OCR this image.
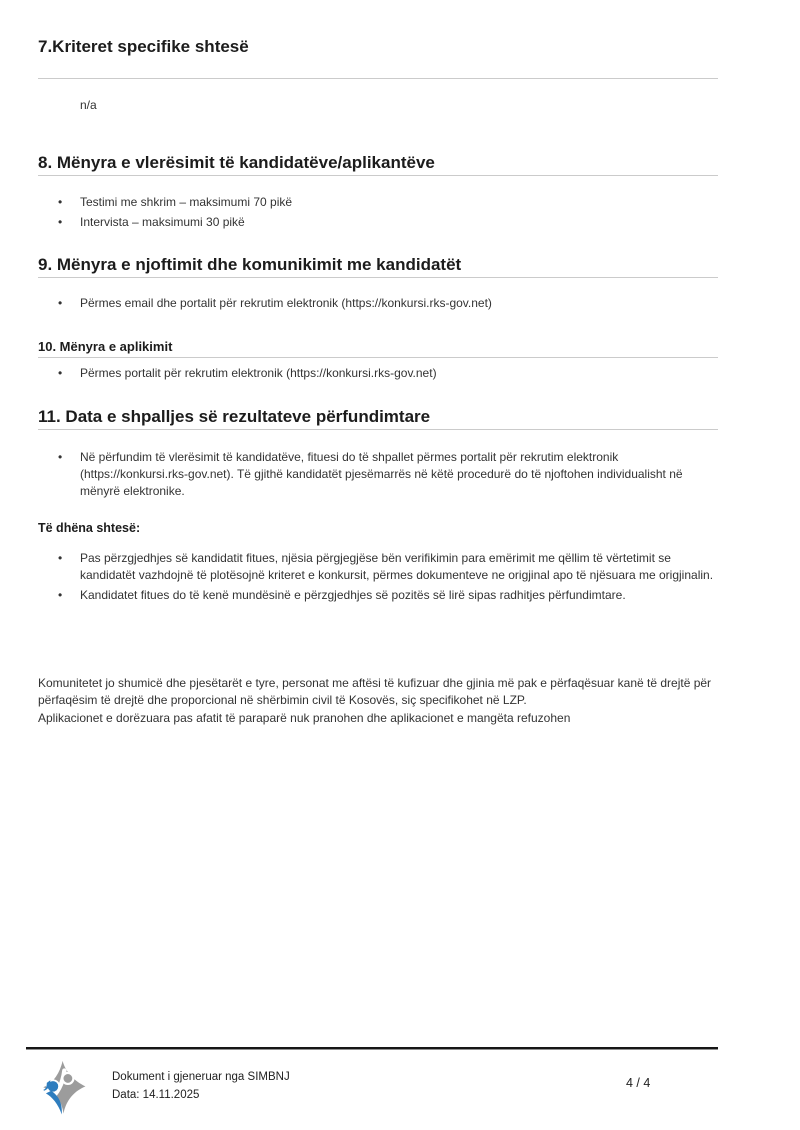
7.Kriteret specifike shtesë

n/a

8. Mënyra e vlerësimit të kandidatëve/aplikantëve
• Testimi me shkrim – maksimumi 70 pikë
• Intervista – maksimumi 30 pikë
9. Mënyra e njoftimit dhe komunikimit me kandidatët
• Përmes email dhe portalit për rekrutim elektronik (https://konkursi.rks-gov.net)
10. Mënyra e aplikimit
• Përmes portalit për rekrutim elektronik (https://konkursi.rks-gov.net)
11. Data e shpalljes së rezultateve përfundimtare
• Në përfundim të vlerësimit të kandidatëve, fituesi do të shpallet përmes portalit për rekrutim elektronik (https://konkursi.rks-gov.net). Të gjithë kandidatët pjesëmarrës në këtë procedurë do të njoftohen individualisht në mënyrë elektronike.

Të dhëna shtesë:

• Pas përzgjedhjes së kandidatit fitues, njësia përgjegjëse bën verifikimin para emërimit me qëllim të vërtetimit se kandidatët vazhdojnë të plotësojnë kriteret e konkursit, përmes dokumenteve ne origjinal apo të njësuara me origjinalin.
• Kandidatet fitues do të kenë mundësinë e përzgjedhjes së pozitës së lirë sipas radhitjes përfundimtare.

Komunitetet jo shumicë dhe pjesëtarët e tyre, personat me aftësi të kufizuar dhe gjinia më pak e përfaqësuar kanë të drejtë për përfaqësim të drejtë dhe proporcional në shërbimin civil të Kosovës, siç specifikohet në LZP.

Aplikacionet e dorëzuara pas afatit të paraparë nuk pranohen dhe aplikacionet e mangëta refuzohen

Dokument i gjeneruar nga SIMBNJ
Data: 14.11.2025
4 / 4
